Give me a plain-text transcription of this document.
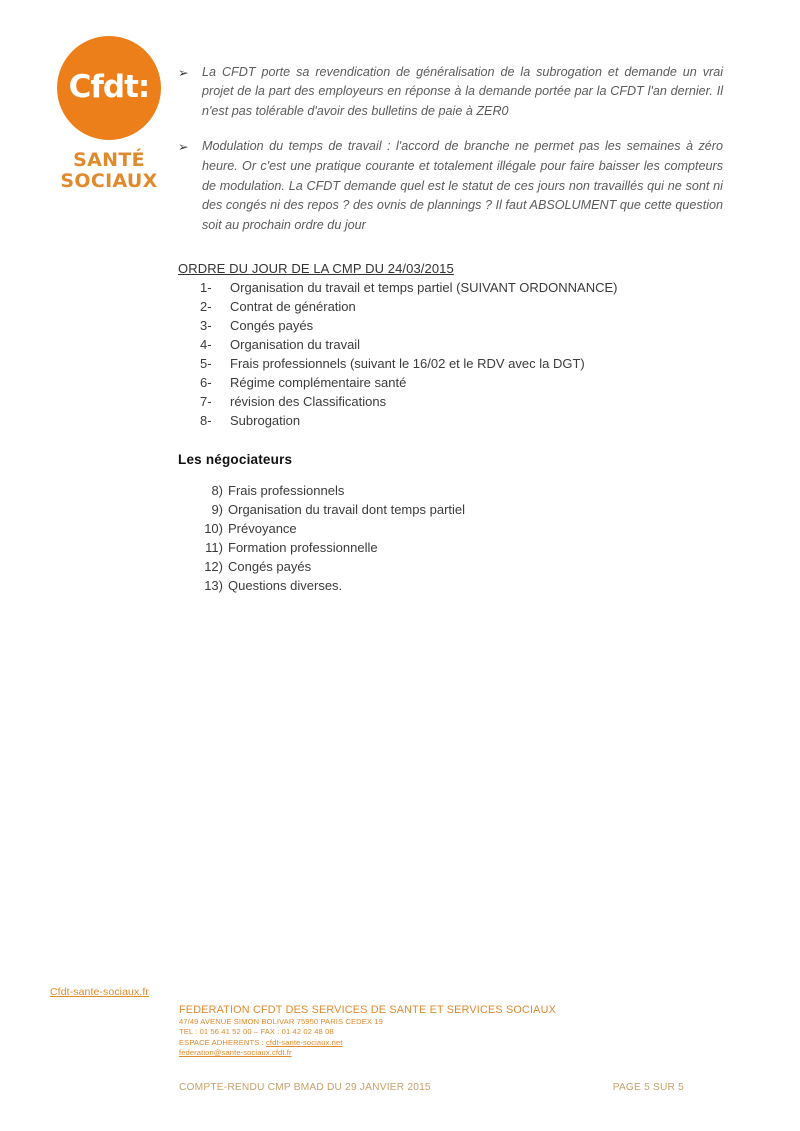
Cfdt:
SANTÉ
SOCIAUX

➢ La CFDT porte sa revendication de généralisation de la subrogation et demande un vrai projet de la part des employeurs en réponse à la demande portée par la CFDT l'an dernier. Il n'est pas tolérable d'avoir des bulletins de paie à ZER0

➢ Modulation du temps de travail : l'accord de branche ne permet pas les semaines à zéro heure. Or c'est une pratique courante et totalement illégale pour faire baisser les compteurs de modulation. La CFDT demande quel est le statut de ces jours non travaillés qui ne sont ni des congés ni des repos ? des ovnis de plannings ? Il faut ABSOLUMENT que cette question soit au prochain ordre du jour

ORDRE DU JOUR DE LA CMP DU 24/03/2015
1-	Organisation du travail et temps partiel (SUIVANT ORDONNANCE)
2-	Contrat de génération
3-	Congés payés
4-	Organisation du travail
5-	Frais professionnels (suivant le 16/02 et le RDV avec la DGT)
6-	Régime complémentaire santé
7-	révision des Classifications
8-	Subrogation
Les négociateurs
8) Frais professionnels
9) Organisation du travail dont temps partiel
10) Prévoyance
11) Formation professionnelle
12) Congés payés
13) Questions diverses.
Cfdt-sante-sociaux.fr
FEDERATION CFDT DES SERVICES DE SANTE ET SERVICES SOCIAUX
47/49 AVENUE SIMON BOLIVAR 75950 PARIS CEDEX 19
TEL : 01 56 41 52 00 – FAX : 01 42 02 48 08
ESPACE ADHERENTS : cfdt-sante-sociaux.net
federation@sante-sociaux.cfdt.fr
COMPTE-RENDU CMP BMAD DU 29 JANVIER 2015	PAGE 5 SUR 5
